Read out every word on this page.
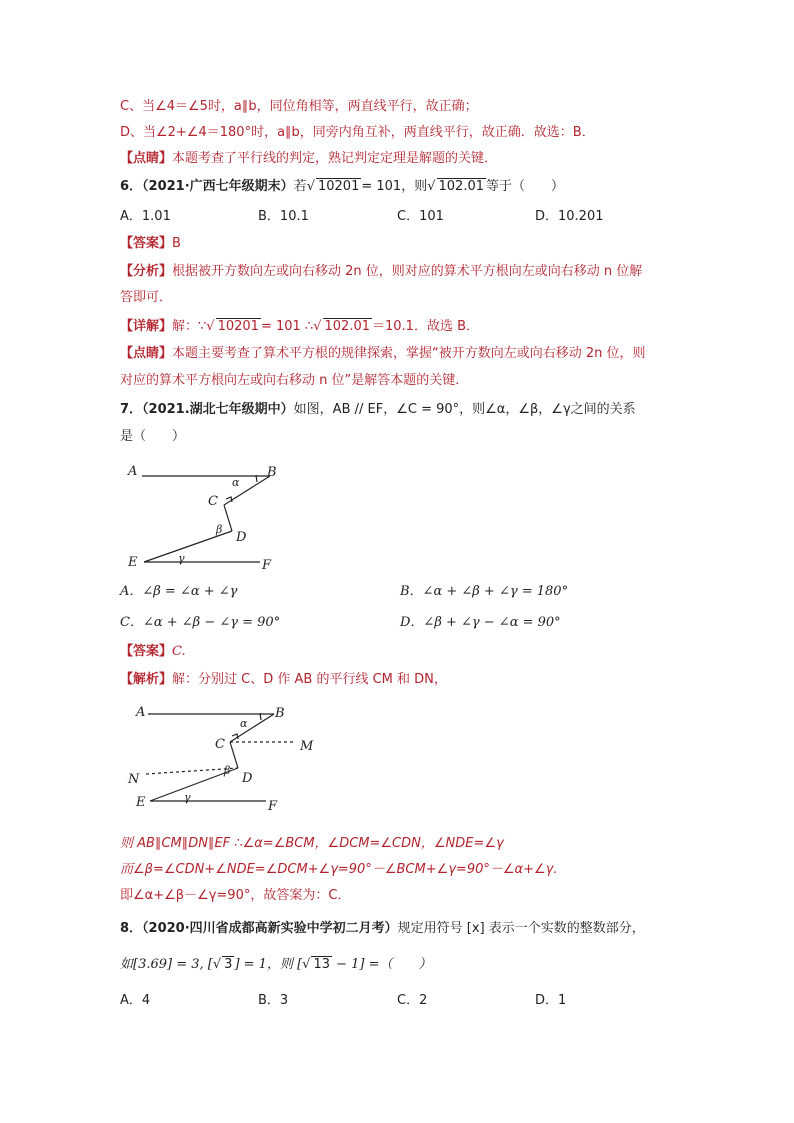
C、当∠4＝∠5时，a∥b，同位角相等，两直线平行，故正确；
D、当∠2+∠4＝180°时，a∥b，同旁内角互补，两直线平行，故正确．故选：B．
【点睛】本题考查了平行线的判定，熟记判定定理是解题的关键．
6．（2021·广西七年级期末）若√ 10201 = 101，则√ 102.01 等于（　　）
A．1.01	B．10.1	C．101	D．10.201
【答案】B
【分析】根据被开方数向左或向右移动 2n 位，则对应的算术平方根向左或向右移动 n 位解
答即可．
【详解】解：∵√ 10201 = 101 ∴√ 102.01 ＝10.1．故选 B．
【点睛】本题主要考查了算术平方根的规律探索，掌握“被开方数向左或向右移动 2n 位，则
对应的算术平方根向左或向右移动 n 位”是解答本题的关键．
7．（2021.湖北七年级期中）如图，AB // EF，∠C = 90°，则∠α，∠β，∠γ之间的关系
是（　　）
A	B
C
D
E	F
α
β
γ
A．∠β = ∠α + ∠γ	B．∠α + ∠β + ∠γ = 180°
C．∠α + ∠β − ∠γ = 90°	D．∠β + ∠γ − ∠α = 90°
【答案】C.
【解析】解：分别过 C、D 作 AB 的平行线 CM 和 DN，
A	B
C	M
N	D
E	F
α
β
γ
则 AB∥CM∥DN∥EF ∴∠α=∠BCM，∠DCM=∠CDN，∠NDE=∠γ
而∠β=∠CDN+∠NDE=∠DCM+∠γ=90°－∠BCM+∠γ=90°－∠α+∠γ.
即∠α+∠β－∠γ=90°，故答案为：C．
8．（2020·四川省成都高新实验中学初二月考）规定用符号 [x] 表示一个实数的整数部分，
如[3.69] = 3, [√ 3 ] = 1，则 [√ 13 − 1] =（　　）
A．4	B．3	C．2	D．1
